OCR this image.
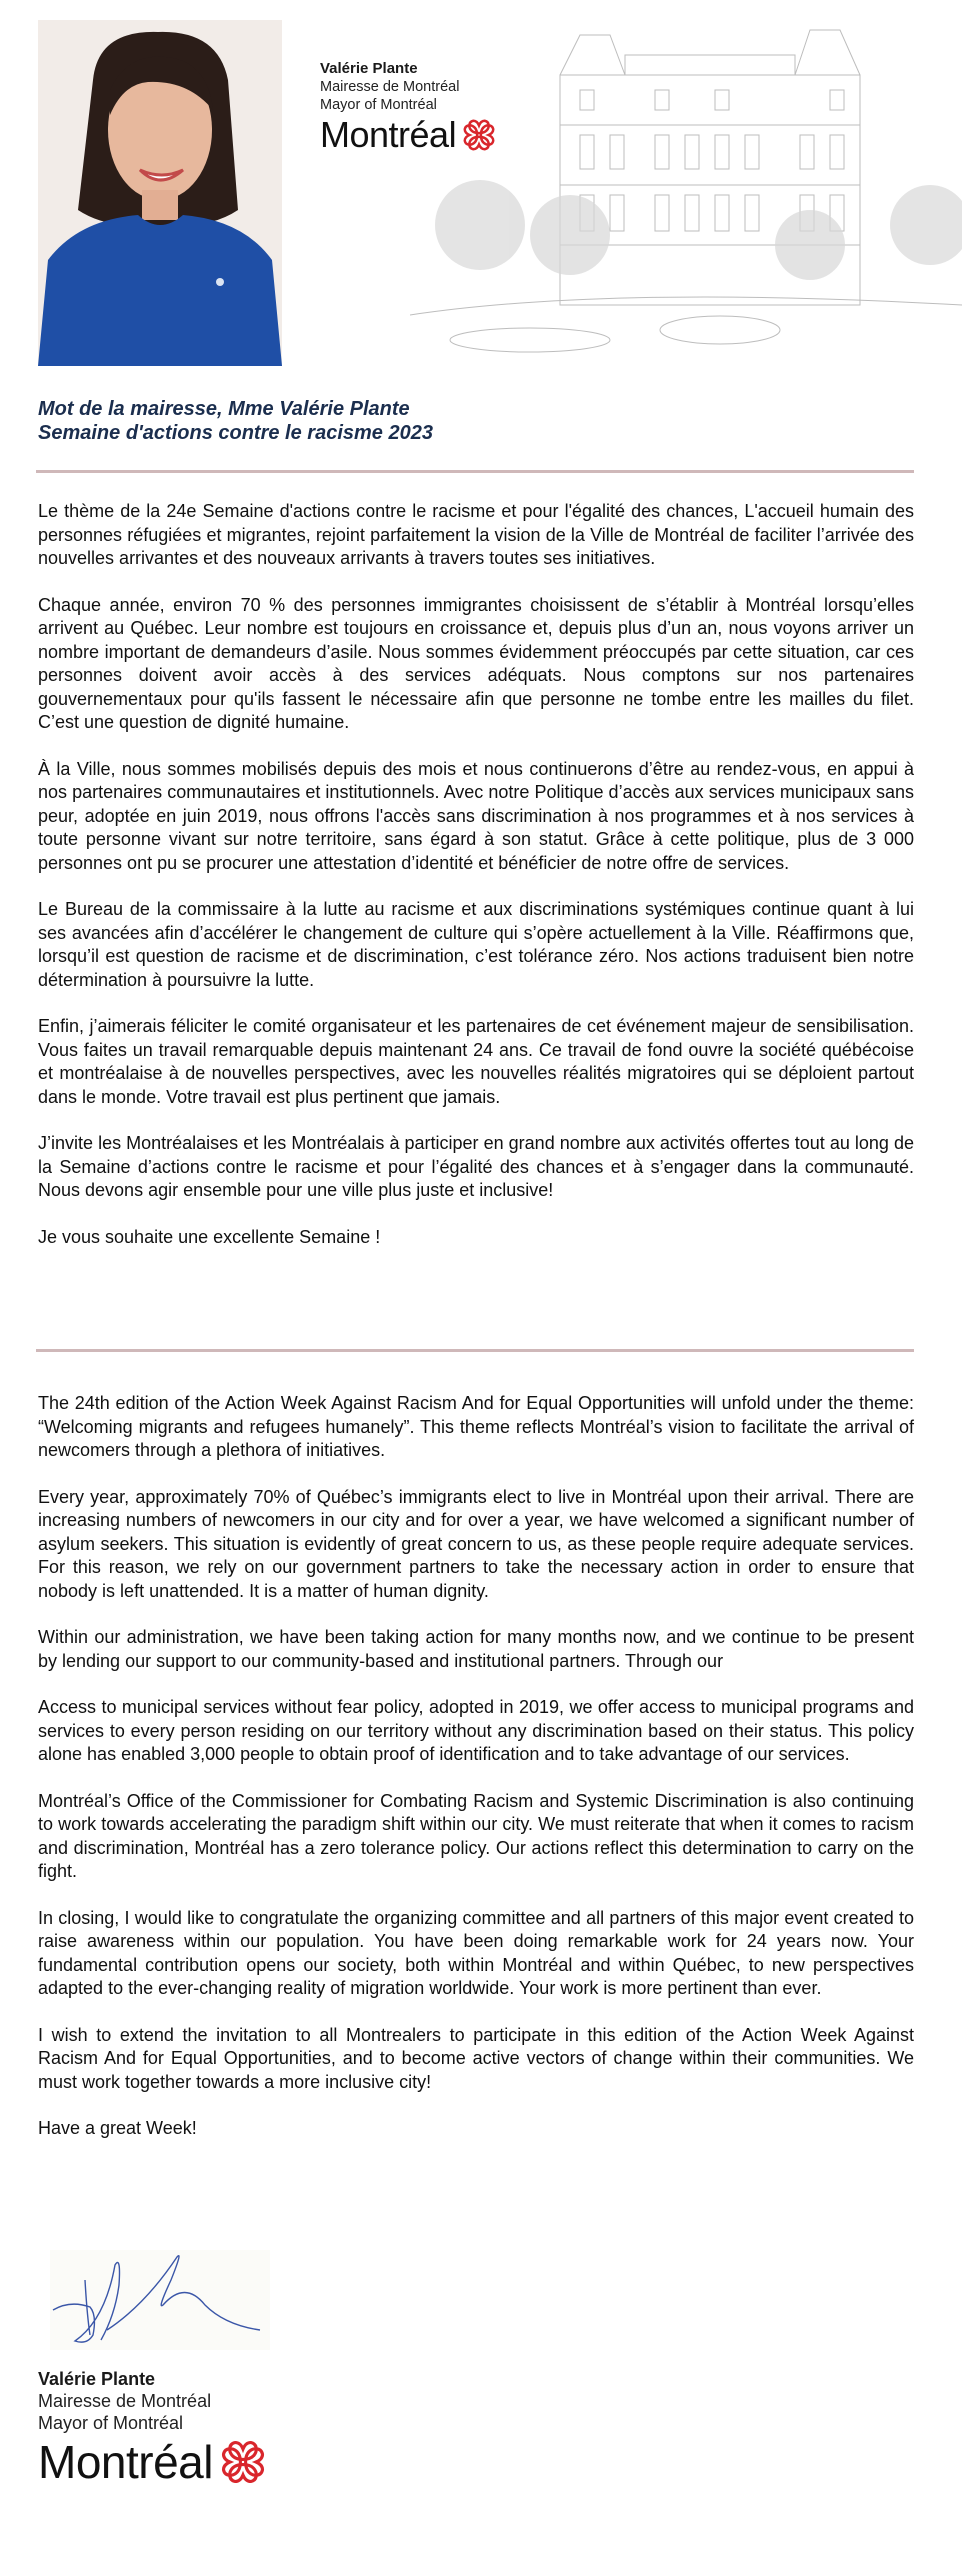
Valérie Plante
Mairesse de Montréal
Mayor of Montréal
Montréal
Mot de la mairesse, Mme Valérie Plante
Semaine d'actions contre le racisme 2023

Le thème de la 24e Semaine d'actions contre le racisme et pour l'égalité des chances, L'accueil humain des personnes réfugiées et migrantes, rejoint parfaitement la vision de la Ville de Montréal de faciliter l’arrivée des nouvelles arrivantes et des nouveaux arrivants à travers toutes ses initiatives.

Chaque année, environ 70 % des personnes immigrantes choisissent de s’établir à Montréal lorsqu’elles arrivent au Québec. Leur nombre est toujours en croissance et, depuis plus d’un an, nous voyons arriver un nombre important de demandeurs d’asile. Nous sommes évidemment préoccupés par cette situation, car ces personnes doivent avoir accès à des services adéquats. Nous comptons sur nos partenaires gouvernementaux pour qu'ils fassent le nécessaire afin que personne ne tombe entre les mailles du filet. C’est une question de dignité humaine.

À la Ville, nous sommes mobilisés depuis des mois et nous continuerons d’être au rendez-vous, en appui à nos partenaires communautaires et institutionnels. Avec notre Politique d’accès aux services municipaux sans peur, adoptée en juin 2019, nous offrons l'accès sans discrimination à nos programmes et à nos services à toute personne vivant sur notre territoire, sans égard à son statut. Grâce à cette politique, plus de 3 000 personnes ont pu se procurer une attestation d’identité et bénéficier de notre offre de services.

Le Bureau de la commissaire à la lutte au racisme et aux discriminations systémiques continue quant à lui ses avancées afin d’accélérer le changement de culture qui s’opère actuellement à la Ville. Réaffirmons que, lorsqu’il est question de racisme et de discrimination, c’est tolérance zéro. Nos actions traduisent bien notre détermination à poursuivre la lutte.

Enfin, j’aimerais féliciter le comité organisateur et les partenaires de cet événement majeur de sensibilisation. Vous faites un travail remarquable depuis maintenant 24 ans. Ce travail de fond ouvre la société québécoise et montréalaise à de nouvelles perspectives, avec les nouvelles réalités migratoires qui se déploient partout dans le monde. Votre travail est plus pertinent que jamais.

J’invite les Montréalaises et les Montréalais à participer en grand nombre aux activités offertes tout au long de la Semaine d’actions contre le racisme et pour l’égalité des chances et à s’engager dans la communauté. Nous devons agir ensemble pour une ville plus juste et inclusive!

Je vous souhaite une excellente Semaine !

The 24th edition of the Action Week Against Racism And for Equal Opportunities will unfold under the theme: “Welcoming migrants and refugees humanely”. This theme reflects Montréal’s vision to facilitate the arrival of newcomers through a plethora of initiatives.

Every year, approximately 70% of Québec’s immigrants elect to live in Montréal upon their arrival. There are increasing numbers of newcomers in our city and for over a year, we have welcomed a significant number of asylum seekers. This situation is evidently of great concern to us, as these people require adequate services. For this reason, we rely on our government partners to take the necessary action in order to ensure that nobody is left unattended. It is a matter of human dignity.

Within our administration, we have been taking action for many months now, and we continue to be present by lending our support to our community-based and institutional partners. Through our

Access to municipal services without fear policy, adopted in 2019, we offer access to municipal programs and services to every person residing on our territory without any discrimination based on their status. This policy alone has enabled 3,000 people to obtain proof of identification and to take advantage of our services.

Montréal’s Office of the Commissioner for Combating Racism and Systemic Discrimination is also continuing to work towards accelerating the paradigm shift within our city. We must reiterate that when it comes to racism and discrimination, Montréal has a zero tolerance policy. Our actions reflect this determination to carry on the fight.

In closing, I would like to congratulate the organizing committee and all partners of this major event created to raise awareness within our population. You have been doing remarkable work for 24 years now. Your fundamental contribution opens our society, both within Montréal and within Québec, to new perspectives adapted to the ever-changing reality of migration worldwide. Your work is more pertinent than ever.

I wish to extend the invitation to all Montrealers to participate in this edition of the Action Week Against Racism And for Equal Opportunities, and to become active vectors of change within their communities. We must work together towards a more inclusive city!

Have a great Week!

Valérie Plante
Mairesse de Montréal
Mayor of Montréal
Montréal
